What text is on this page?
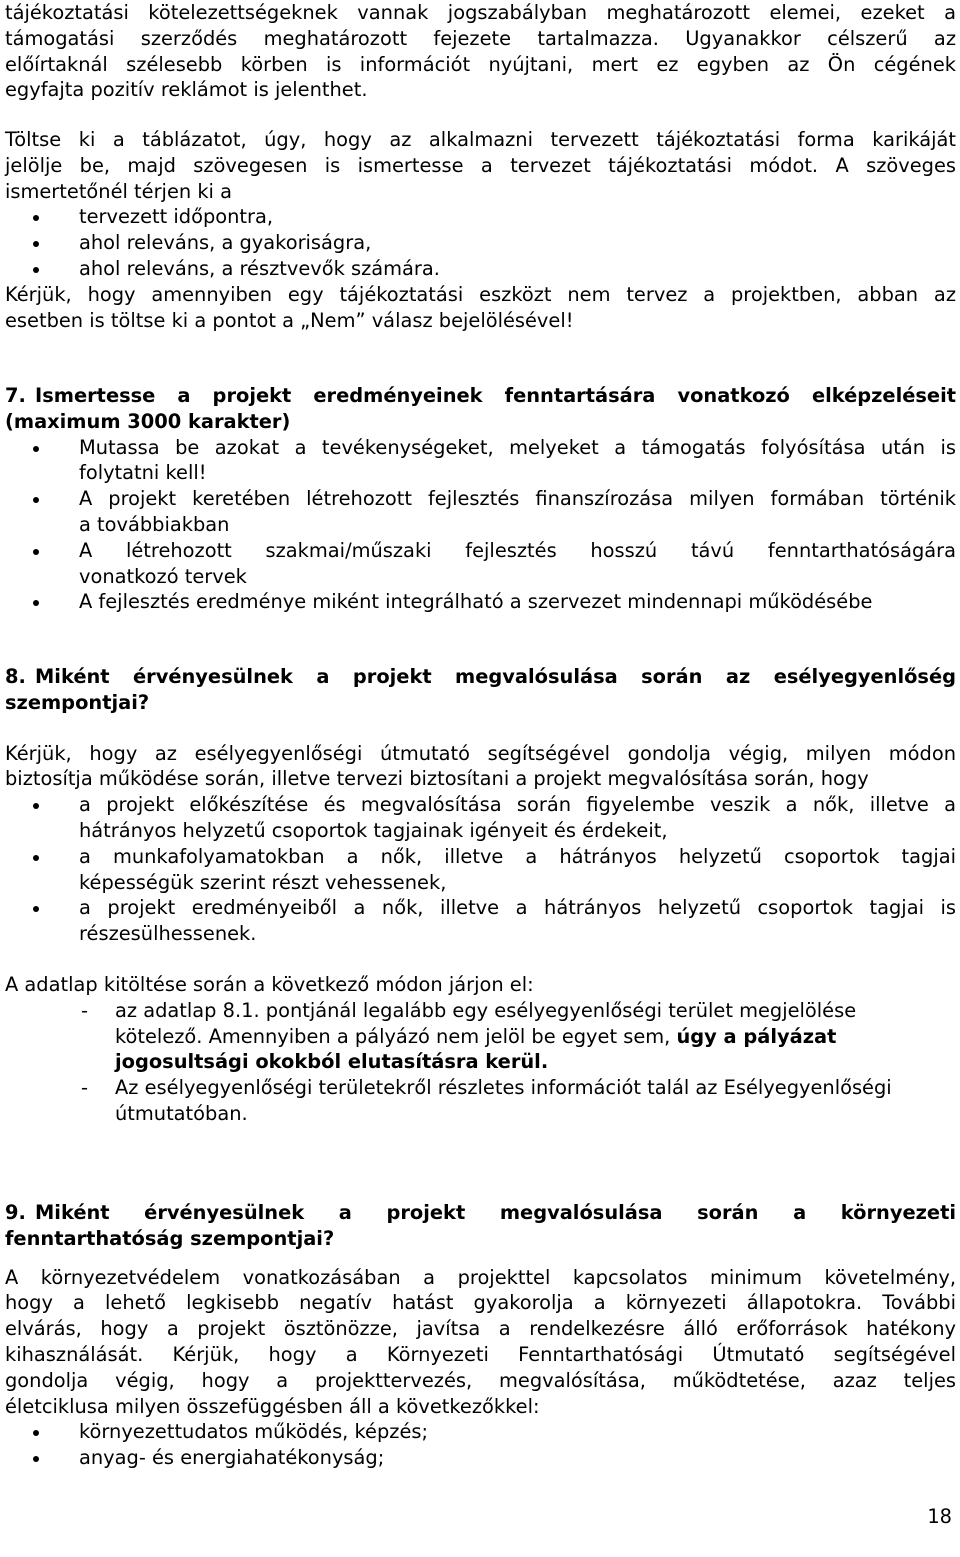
tájékoztatási kötelezettségeknek vannak jogszabályban meghatározott elemei, ezeket a

támogatási szerződés meghatározott fejezete tartalmazza. Ugyanakkor célszerű az

előírtaknál szélesebb körben is információt nyújtani, mert ez egyben az Ön cégének

egyfajta pozitív reklámot is jelenthet.

Töltse ki a táblázatot, úgy, hogy az alkalmazni tervezett tájékoztatási forma karikáját

jelölje be, majd szövegesen is ismertesse a tervezet tájékoztatási módot. A szöveges

ismertetőnél térjen ki a

tervezett időpontra,
ahol releváns, a gyakoriságra,
ahol releváns, a résztvevők számára.

Kérjük, hogy amennyiben egy tájékoztatási eszközt nem tervez a projektben, abban az

esetben is töltse ki a pontot a „Nem” válasz bejelölésével!

7. Ismertesse a projekt eredményeinek fenntartására vonatkozó elképzeléseit

(maximum 3000 karakter)

Mutassa be azokat a tevékenységeket, melyeket a támogatás folyósítása után is
folytatni kell!
A projekt keretében létrehozott fejlesztés finanszírozása milyen formában történik
a továbbiakban
A létrehozott szakmai/műszaki fejlesztés hosszú távú fenntarthatóságára
vonatkozó tervek
A fejlesztés eredménye miként integrálható a szervezet mindennapi működésébe

8. Miként érvényesülnek a projekt megvalósulása során az esélyegyenlőség

szempontjai?

Kérjük, hogy az esélyegyenlőségi útmutató segítségével gondolja végig, milyen módon

biztosítja működése során, illetve tervezi biztosítani a projekt megvalósítása során, hogy

a projekt előkészítése és megvalósítása során figyelembe veszik a nők, illetve a
hátrányos helyzetű csoportok tagjainak igényeit és érdekeit,
a munkafolyamatokban a nők, illetve a hátrányos helyzetű csoportok tagjai
képességük szerint részt vehessenek,
a projekt eredményeiből a nők, illetve a hátrányos helyzetű csoportok tagjai is
részesülhessenek.

A adatlap kitöltése során a következő módon járjon el:

- az adatlap 8.1. pontjánál legalább egy esélyegyenlőségi terület megjelölése
kötelező. Amennyiben a pályázó nem jelöl be egyet sem, úgy a pályázat
jogosultsági okokból elutasításra kerül.
- Az esélyegyenlőségi területekről részletes információt talál az Esélyegyenlőségi
útmutatóban.

9. Miként érvényesülnek a projekt megvalósulása során a környezeti

fenntarthatóság szempontjai?

A környezetvédelem vonatkozásában a projekttel kapcsolatos minimum követelmény,

hogy a lehető legkisebb negatív hatást gyakorolja a környezeti állapotokra. További

elvárás, hogy a projekt ösztönözze, javítsa a rendelkezésre álló erőforrások hatékony

kihasználását. Kérjük, hogy a Környezeti Fenntarthatósági Útmutató segítségével

gondolja végig, hogy a projekttervezés, megvalósítása, működtetése, azaz teljes

életciklusa milyen összefüggésben áll a következőkkel:

környezettudatos működés, képzés;
anyag- és energiahatékonyság;
18
